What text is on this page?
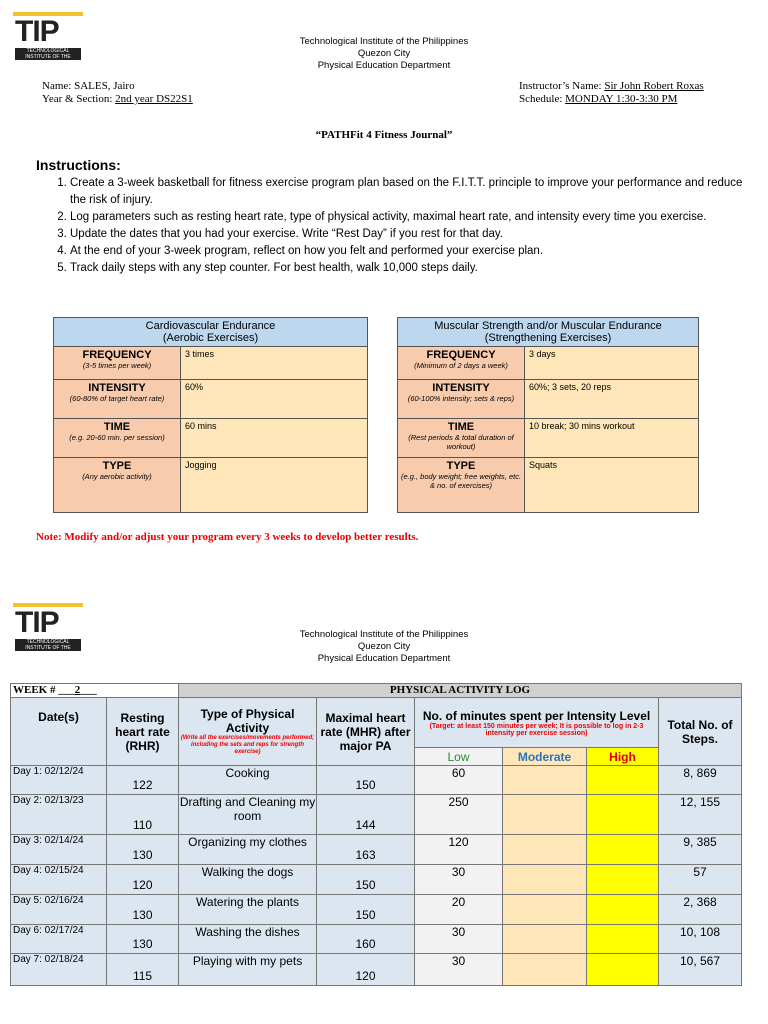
TIP
TECHNOLOGICAL INSTITUTE OF THE PHILIPPINES
Technological Institute of the Philippines
Quezon City
Physical Education Department
Name: SALES, Jairo
Year & Section: 2nd year DS22S1
Instructor’s Name: Sir John Robert Roxas
Schedule: MONDAY 1:30-3:30 PM
“PATHFit 4 Fitness Journal”
Instructions:
1. Create a 3-week basketball for fitness exercise program plan based on the F.I.T.T. principle to improve your performance and reduce the risk of injury.
2. Log parameters such as resting heart rate, type of physical activity, maximal heart rate, and intensity every time you exercise.
3. Update the dates that you had your exercise. Write “Rest Day” if you rest for that day.
4. At the end of your 3-week program, reflect on how you felt and performed your exercise plan.
5. Track daily steps with any step counter. For best health, walk 10,000 steps daily.
Cardiovascular Endurance
(Aerobic Exercises)	

FREQUENCY
(3-5 times per week)	3 times

INTENSITY
(60-80% of target heart rate)	60%

TIME
(e.g. 20-60 min. per session)	60 mins

TYPE
(Any aerobic activity)	Jogging
Muscular Strength and/or Muscular Endurance
(Strengthening Exercises)	

FREQUENCY
(Minimum of 2 days a week)	3 days

INTENSITY
(60-100% intensity; sets & reps)	60%; 3 sets, 20 reps

TIME
(Rest periods & total duration of workout)	10 break; 30 mins workout

TYPE
(e.g., body weight; free weights, etc. & no. of exercises)	Squats
Note: Modify and/or adjust your program every 3 weeks to develop better results.
TIP
TECHNOLOGICAL INSTITUTE OF THE PHILIPPINES
Technological Institute of the Philippines
Quezon City
Physical Education Department
WEEK # ___2___		PHYSICAL ACTIVITY LOG					
Date(s)	Resting heart rate (RHR)	Type of Physical Activity
(Write all the exercises/movements performed; including the sets and reps for strength exercise)	Maximal heart rate (MHR) after major PA	No. of minutes spent per Intensity Level
(Target: at least 150 minutes per week; It is possible to log in 2-3 intensity per exercise session)			Total No. of Steps.
				Low	Moderate	High	
Day 1: 02/12/24	122	Cooking	150	60			8, 869
Day 2: 02/13/23	110	Drafting and Cleaning my room	144	250			12, 155
Day 3: 02/14/24	130	Organizing my clothes	163	120			9, 385
Day 4: 02/15/24	120	Walking the dogs	150	30			57
Day 5: 02/16/24	130	Watering the plants	150	20			2, 368
Day 6: 02/17/24	130	Washing the dishes	160	30			10, 108
Day 7: 02/18/24	115	Playing with my pets	120	30			10, 567
